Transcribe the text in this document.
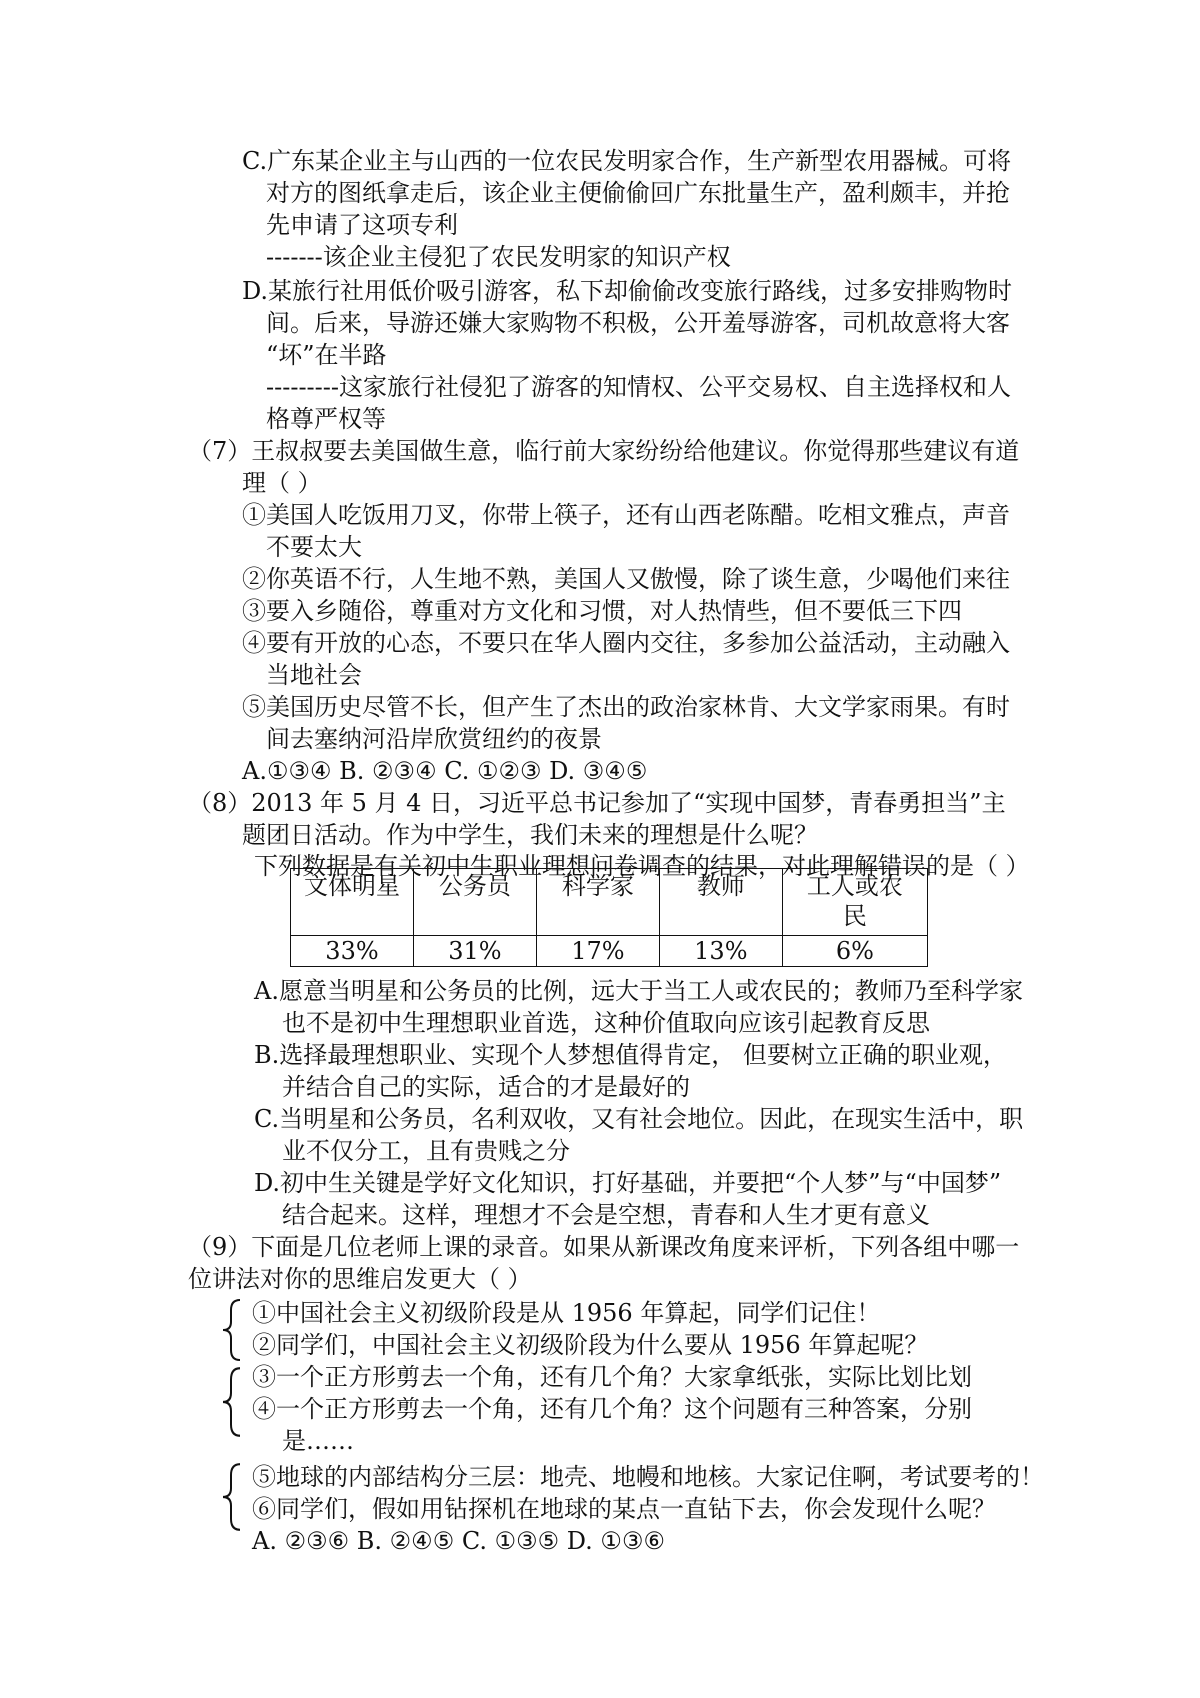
C.广东某企业主与山西的一位农民发明家合作，生产新型农用器械。可将
对方的图纸拿走后，该企业主便偷偷回广东批量生产，盈利颇丰，并抢
先申请了这项专利
-------该企业主侵犯了农民发明家的知识产权
D.某旅行社用低价吸引游客，私下却偷偷改变旅行路线，过多安排购物时
间。后来，导游还嫌大家购物不积极，公开羞辱游客，司机故意将大客
“坏”在半路
---------这家旅行社侵犯了游客的知情权、公平交易权、自主选择权和人
格尊严权等
（7）王叔叔要去美国做生意，临行前大家纷纷给他建议。你觉得那些建议有道
理（ ）
①美国人吃饭用刀叉，你带上筷子，还有山西老陈醋。吃相文雅点，声音
不要太大
②你英语不行，人生地不熟，美国人又傲慢，除了谈生意，少喝他们来往
③要入乡随俗，尊重对方文化和习惯，对人热情些，但不要低三下四
④要有开放的心态，不要只在华人圈内交往，多参加公益活动，主动融入
当地社会
⑤美国历史尽管不长，但产生了杰出的政治家林肯、大文学家雨果。有时
间去塞纳河沿岸欣赏纽约的夜景
A.①③④ B. ②③④ C. ①②③ D. ③④⑤
（8）2013 年 5 月 4 日，习近平总书记参加了“实现中国梦，青春勇担当”主
题团日活动。作为中学生，我们未来的理想是什么呢？
下列数据是有关初中生职业理想问卷调查的结果，对此理解错误的是（ ）
文体明星	公务员	科学家	教师	工人或农民
33%	31%	17%	13%	6%
A.愿意当明星和公务员的比例，远大于当工人或农民的；教师乃至科学家
也不是初中生理想职业首选，这种价值取向应该引起教育反思
B.选择最理想职业、实现个人梦想值得肯定， 但要树立正确的职业观，
并结合自己的实际，适合的才是最好的
C.当明星和公务员，名利双收，又有社会地位。因此，在现实生活中，职
业不仅分工，且有贵贱之分
D.初中生关键是学好文化知识，打好基础，并要把“个人梦”与“中国梦”
结合起来。这样，理想才不会是空想，青春和人生才更有意义
（9）下面是几位老师上课的录音。如果从新课改角度来评析，下列各组中哪一
位讲法对你的思维启发更大（ ）
①中国社会主义初级阶段是从 1956 年算起，同学们记住！
②同学们，中国社会主义初级阶段为什么要从 1956 年算起呢？
③一个正方形剪去一个角，还有几个角？大家拿纸张，实际比划比划
④一个正方形剪去一个角，还有几个角？这个问题有三种答案，分别
是……
⑤地球的内部结构分三层：地壳、地幔和地核。大家记住啊，考试要考的！
⑥同学们，假如用钻探机在地球的某点一直钻下去，你会发现什么呢？
A. ②③⑥ B. ②④⑤ C. ①③⑤ D. ①③⑥
